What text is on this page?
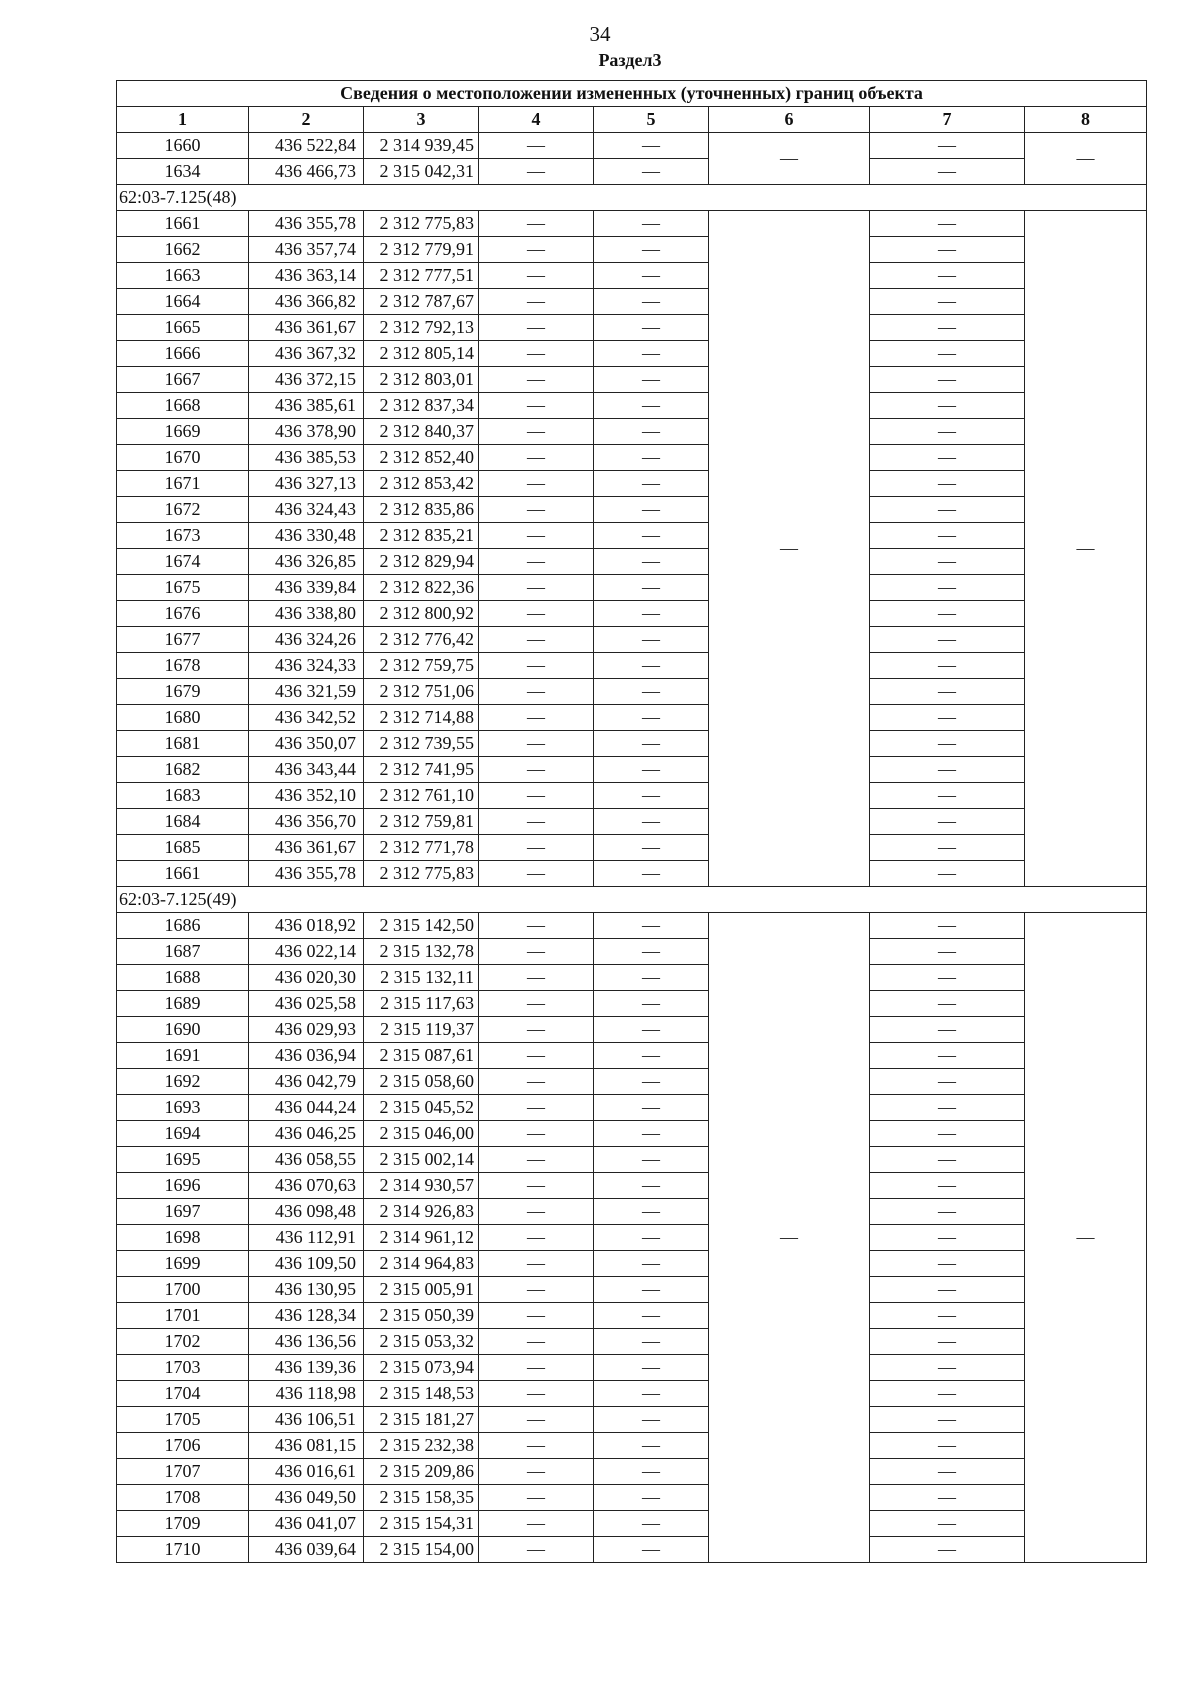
34
Раздел3
Сведения о местоположении измененных (уточненных) границ объекта							
1	2	3	4	5	6	7	8
1660	436 522,84	2 314 939,45	—	—	—	—	—
1634	436 466,73	2 315 042,31	—	—		—	
62:03-7.125(48)							
1661	436 355,78	2 312 775,83	—	—	—	—	—
1662	436 357,74	2 312 779,91	—	—		—	
1663	436 363,14	2 312 777,51	—	—		—	
1664	436 366,82	2 312 787,67	—	—		—	
1665	436 361,67	2 312 792,13	—	—		—	
1666	436 367,32	2 312 805,14	—	—		—	
1667	436 372,15	2 312 803,01	—	—		—	
1668	436 385,61	2 312 837,34	—	—		—	
1669	436 378,90	2 312 840,37	—	—		—	
1670	436 385,53	2 312 852,40	—	—		—	
1671	436 327,13	2 312 853,42	—	—		—	
1672	436 324,43	2 312 835,86	—	—		—	
1673	436 330,48	2 312 835,21	—	—		—	
1674	436 326,85	2 312 829,94	—	—		—	
1675	436 339,84	2 312 822,36	—	—		—	
1676	436 338,80	2 312 800,92	—	—		—	
1677	436 324,26	2 312 776,42	—	—		—	
1678	436 324,33	2 312 759,75	—	—		—	
1679	436 321,59	2 312 751,06	—	—		—	
1680	436 342,52	2 312 714,88	—	—		—	
1681	436 350,07	2 312 739,55	—	—		—	
1682	436 343,44	2 312 741,95	—	—		—	
1683	436 352,10	2 312 761,10	—	—		—	
1684	436 356,70	2 312 759,81	—	—		—	
1685	436 361,67	2 312 771,78	—	—		—	
1661	436 355,78	2 312 775,83	—	—		—	
62:03-7.125(49)							
1686	436 018,92	2 315 142,50	—	—	—	—	—
1687	436 022,14	2 315 132,78	—	—		—	
1688	436 020,30	2 315 132,11	—	—		—	
1689	436 025,58	2 315 117,63	—	—		—	
1690	436 029,93	2 315 119,37	—	—		—	
1691	436 036,94	2 315 087,61	—	—		—	
1692	436 042,79	2 315 058,60	—	—		—	
1693	436 044,24	2 315 045,52	—	—		—	
1694	436 046,25	2 315 046,00	—	—		—	
1695	436 058,55	2 315 002,14	—	—		—	
1696	436 070,63	2 314 930,57	—	—		—	
1697	436 098,48	2 314 926,83	—	—		—	
1698	436 112,91	2 314 961,12	—	—		—	
1699	436 109,50	2 314 964,83	—	—		—	
1700	436 130,95	2 315 005,91	—	—		—	
1701	436 128,34	2 315 050,39	—	—		—	
1702	436 136,56	2 315 053,32	—	—		—	
1703	436 139,36	2 315 073,94	—	—		—	
1704	436 118,98	2 315 148,53	—	—		—	
1705	436 106,51	2 315 181,27	—	—		—	
1706	436 081,15	2 315 232,38	—	—		—	
1707	436 016,61	2 315 209,86	—	—		—	
1708	436 049,50	2 315 158,35	—	—		—	
1709	436 041,07	2 315 154,31	—	—		—	
1710	436 039,64	2 315 154,00	—	—		—	
